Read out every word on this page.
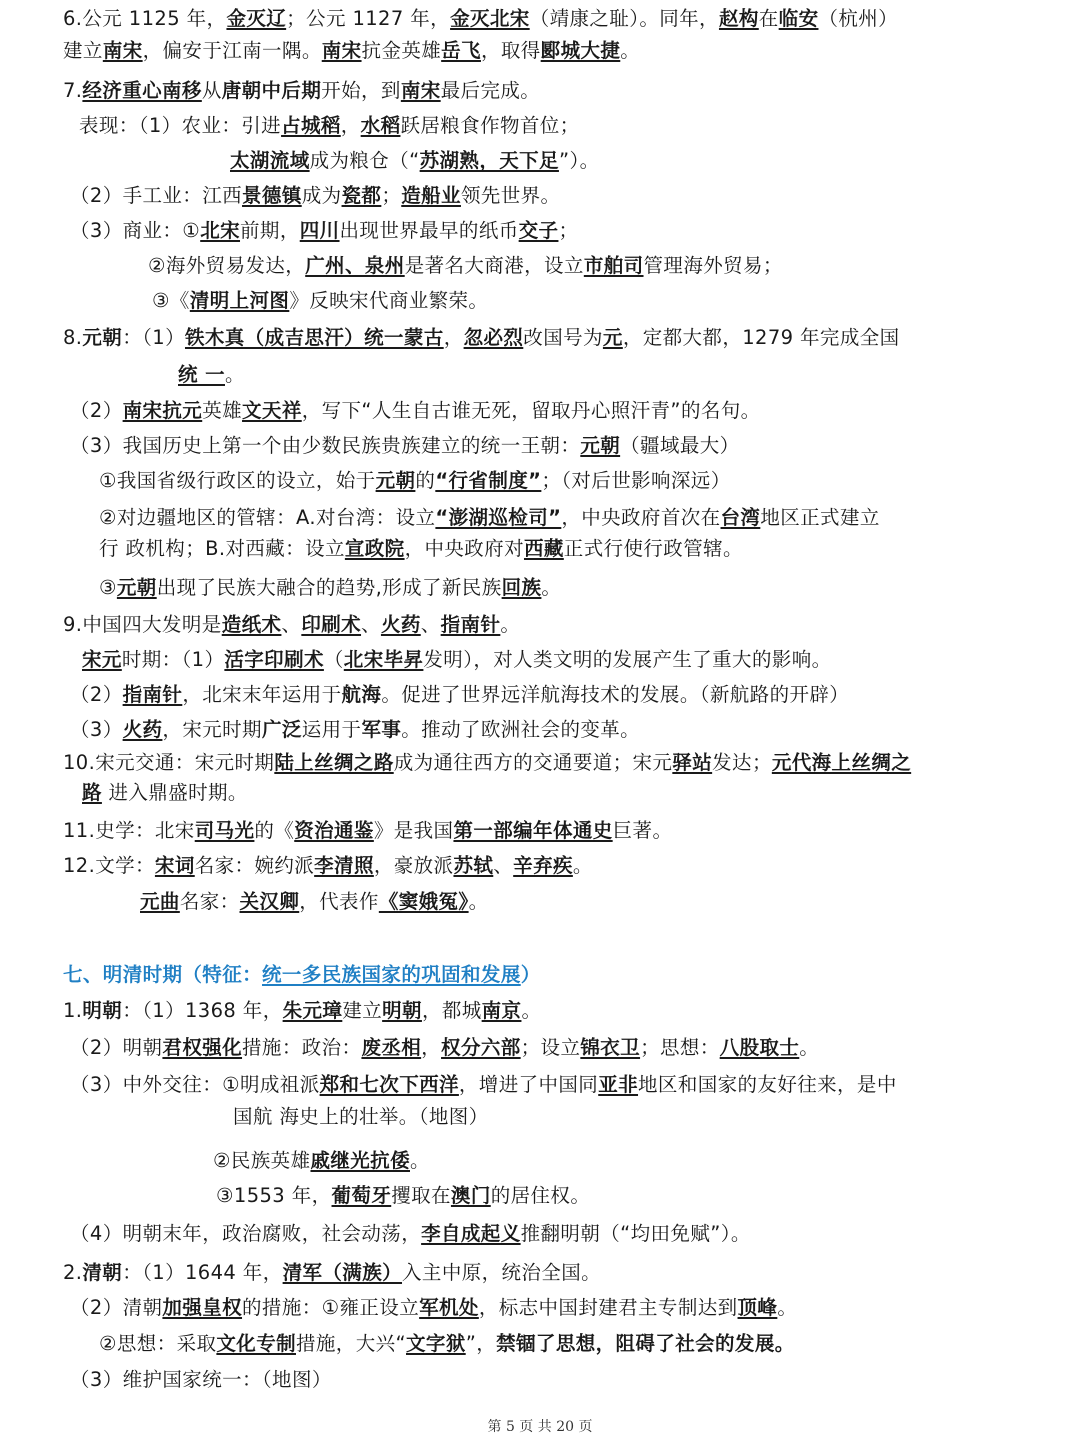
6.公元 1125 年，金灭辽；公元 1127 年，金灭北宋（靖康之耻）。同年，赵构在临安（杭州）
建立南宋，偏安于江南一隅。南宋抗金英雄岳飞，取得郾城大捷。
7.经济重心南移从唐朝中后期开始，到南宋最后完成。
表现：（1）农业：引进占城稻，水稻跃居粮食作物首位；
太湖流域成为粮仓（“苏湖熟，天下足”）。
（2）手工业：江西景德镇成为瓷都；造船业领先世界。
（3）商业：①北宋前期，四川出现世界最早的纸币交子；
②海外贸易发达，广州、泉州是著名大商港，设立市舶司管理海外贸易；
③《清明上河图》反映宋代商业繁荣。
8.元朝：（1）铁木真（成吉思汗）统一蒙古，忽必烈改国号为元，定都大都，1279 年完成全国
统 一。
（2）南宋抗元英雄文天祥，写下“人生自古谁无死，留取丹心照汗青”的名句。
（3）我国历史上第一个由少数民族贵族建立的统一王朝：元朝（疆域最大）
①我国省级行政区的设立，始于元朝的“行省制度”；（对后世影响深远）
②对边疆地区的管辖：A.对台湾：设立“澎湖巡检司”，中央政府首次在台湾地区正式建立
行 政机构；B.对西藏：设立宣政院，中央政府对西藏正式行使行政管辖。
③元朝出现了民族大融合的趋势,形成了新民族回族。
9.中国四大发明是造纸术、印刷术、火药、指南针。
宋元时期：（1）活字印刷术（北宋毕昇发明），对人类文明的发展产生了重大的影响。
（2）指南针，北宋末年运用于航海。促进了世界远洋航海技术的发展。（新航路的开辟）
（3）火药，宋元时期广泛运用于军事。推动了欧洲社会的变革。
10.宋元交通：宋元时期陆上丝绸之路成为通往西方的交通要道；宋元驿站发达；元代海上丝绸之
路 进入鼎盛时期。
11.史学：北宋司马光的《资治通鉴》是我国第一部编年体通史巨著。
12.文学：宋词名家：婉约派李清照，豪放派苏轼、辛弃疾。
元曲名家：关汉卿，代表作《窦娥冤》。
七、明清时期（特征：统一多民族国家的巩固和发展）
1.明朝：（1）1368 年，朱元璋建立明朝，都城南京。
（2）明朝君权强化措施：政治：废丞相，权分六部；设立锦衣卫；思想：八股取士。
（3）中外交往：①明成祖派郑和七次下西洋，增进了中国同亚非地区和国家的友好往来，是中
国航 海史上的壮举。（地图）
②民族英雄戚继光抗倭。
③1553 年，葡萄牙攫取在澳门的居住权。
（4）明朝末年，政治腐败，社会动荡，李自成起义推翻明朝（“均田免赋”）。
2.清朝：（1）1644 年，清军（满族）入主中原，统治全国。
（2）清朝加强皇权的措施：①雍正设立军机处，标志中国封建君主专制达到顶峰。
②思想：采取文化专制措施，大兴“文字狱”，禁锢了思想，阻碍了社会的发展。
（3）维护国家统一：（地图）
第 5 页 共 20 页
